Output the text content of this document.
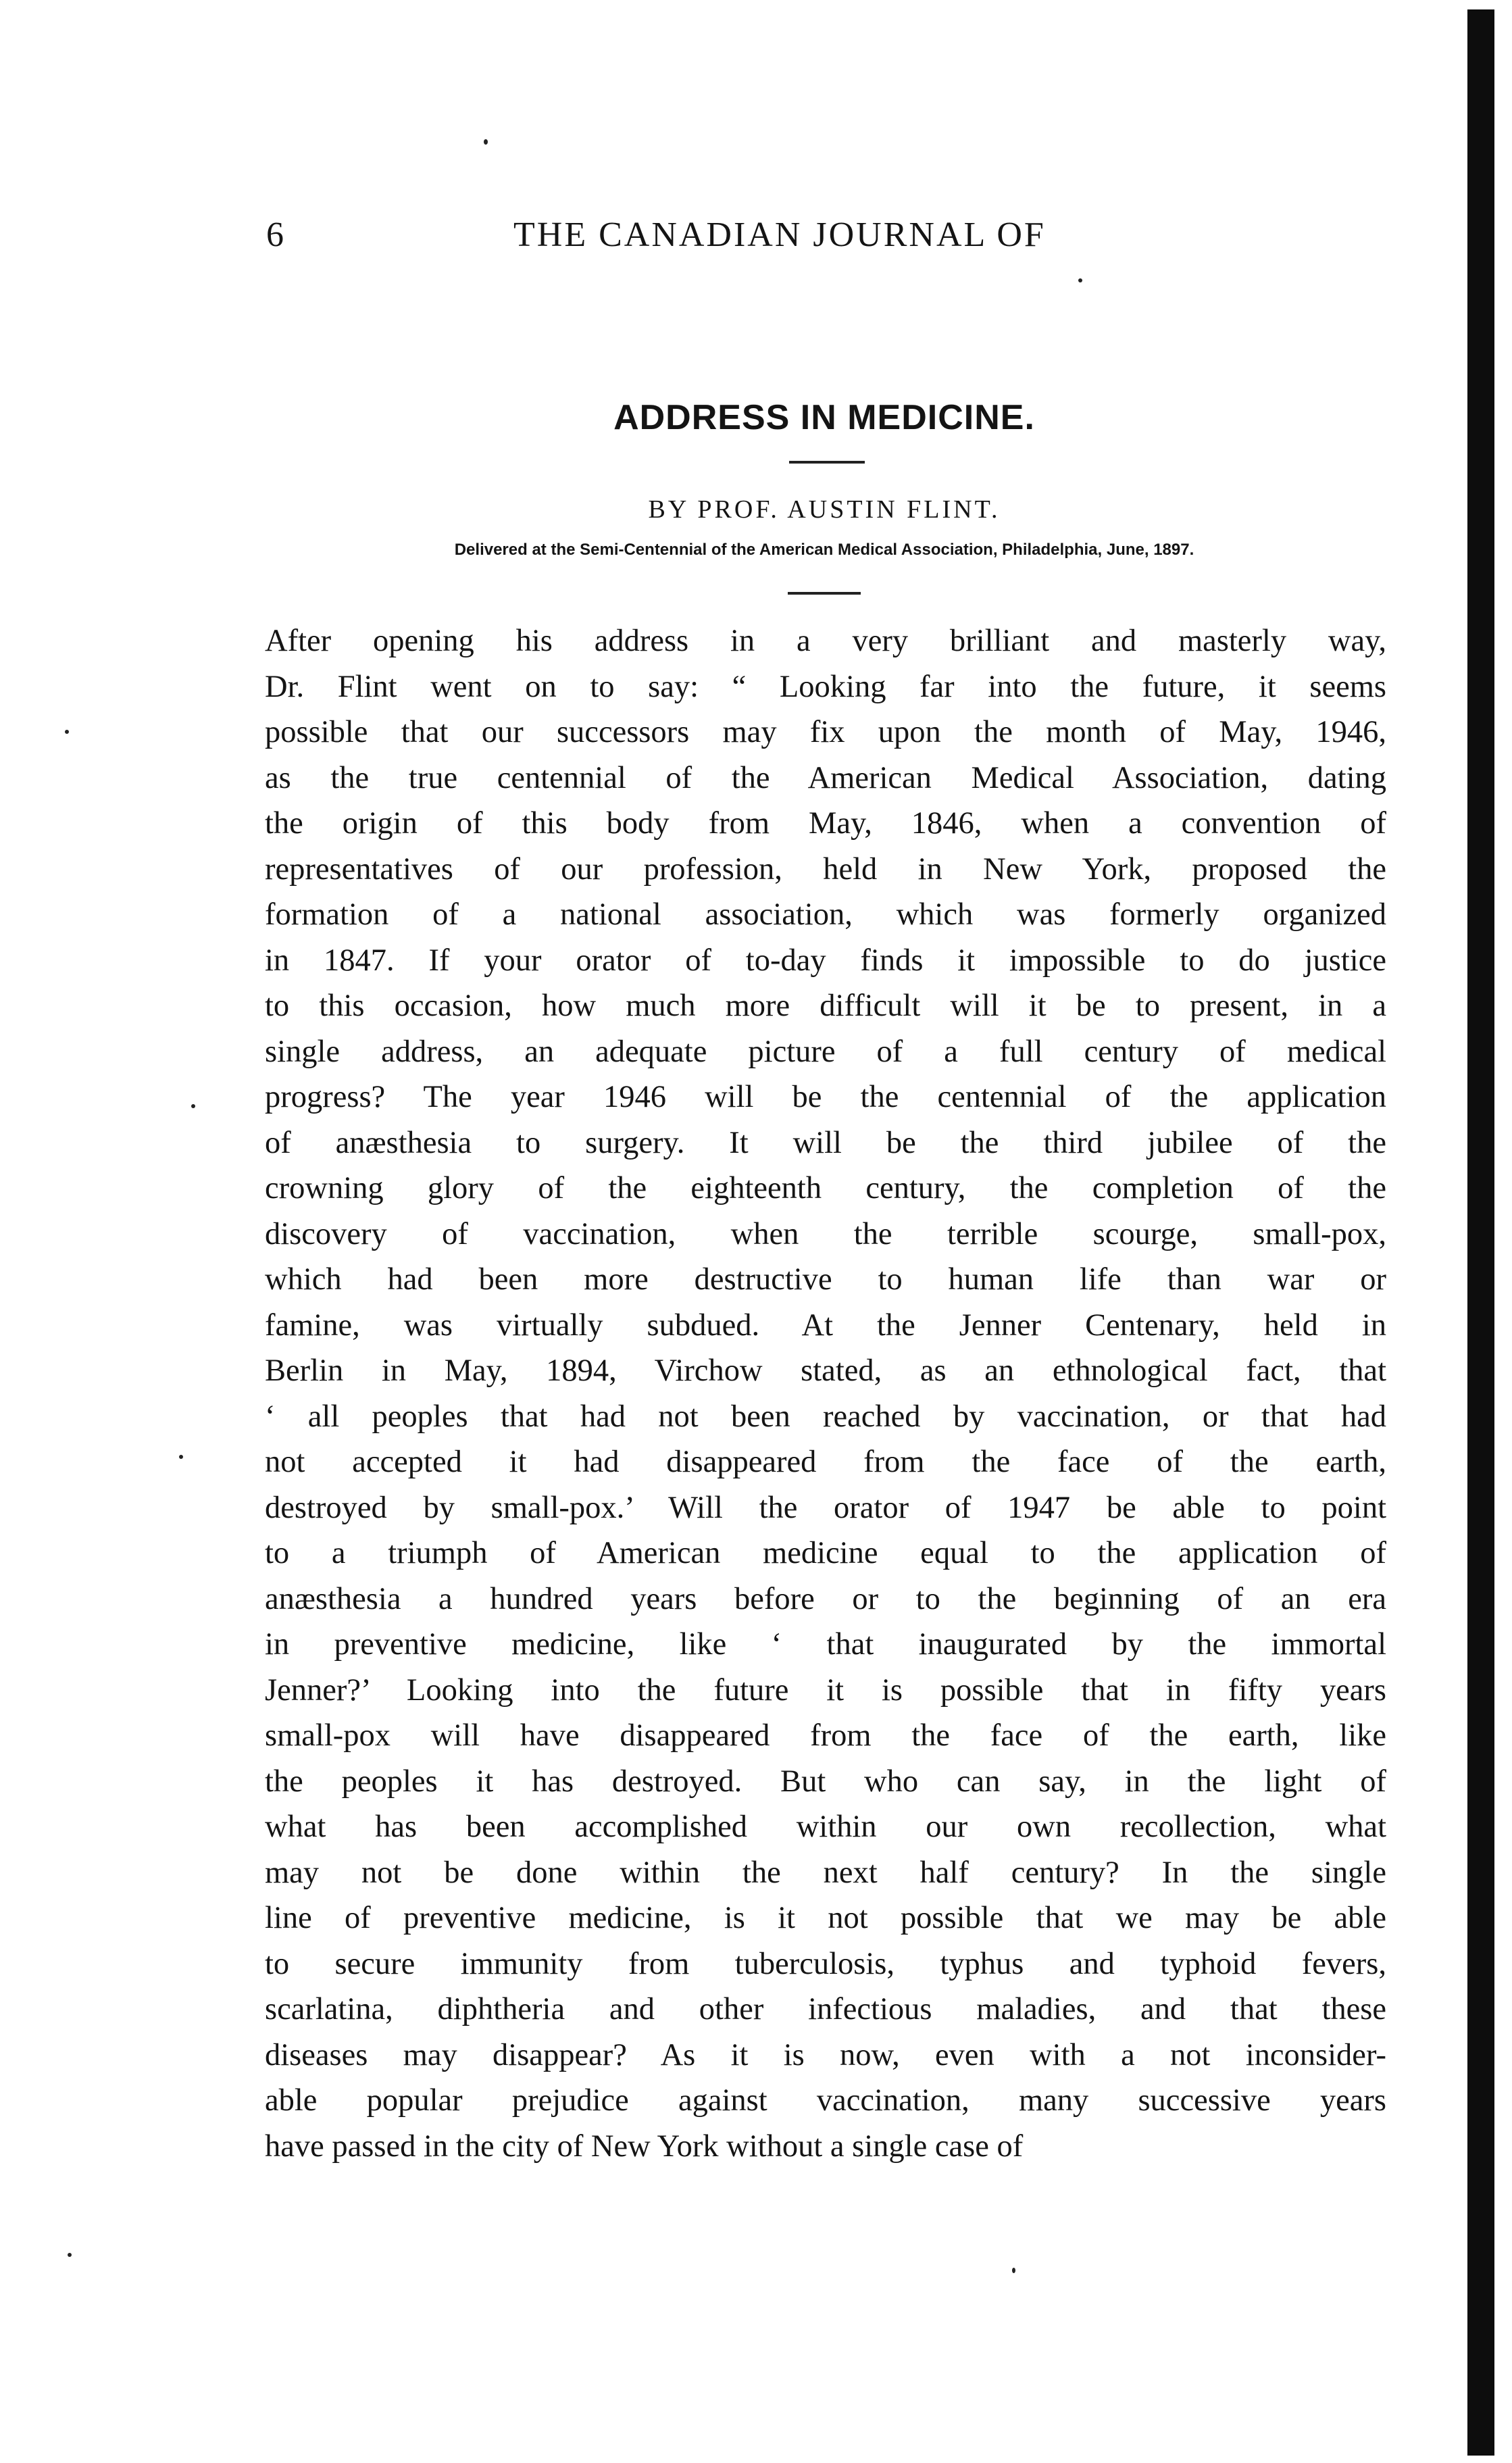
6	THE CANADIAN JOURNAL OF
ADDRESS IN MEDICINE.
BY PROF. AUSTIN FLINT.
Delivered at the Semi-Centennial of the American Medical Association, Philadelphia, June, 1897.
After opening his address in a very brilliant and masterly way,
Dr. Flint went on to say: “ Looking far into the future, it seems
possible that our successors may fix upon the month of May, 1946,
as the true centennial of the American Medical Association, dating
the origin of this body from May, 1846, when a convention of
representatives of our profession, held in New York, proposed the
formation of a national association, which was formerly organized
in 1847. If your orator of to-day finds it impossible to do justice
to this occasion, how much more difficult will it be to present, in a
single address, an adequate picture of a full century of medical
progress? The year 1946 will be the centennial of the application
of anæsthesia to surgery. It will be the third jubilee of the
crowning glory of the eighteenth century, the completion of the
discovery of vaccination, when the terrible scourge, small-pox,
which had been more destructive to human life than war or
famine, was virtually subdued. At the Jenner Centenary, held in
Berlin in May, 1894, Virchow stated, as an ethnological fact, that
‘ all peoples that had not been reached by vaccination, or that had
not accepted it had disappeared from the face of the earth,
destroyed by small-pox.’ Will the orator of 1947 be able to point
to a triumph of American medicine equal to the application of
anæsthesia a hundred years before or to the beginning of an era
in preventive medicine, like ‘ that inaugurated by the immortal
Jenner?’ Looking into the future it is possible that in fifty years
small-pox will have disappeared from the face of the earth, like
the peoples it has destroyed. But who can say, in the light of
what has been accomplished within our own recollection, what
may not be done within the next half century? In the single
line of preventive medicine, is it not possible that we may be able
to secure immunity from tuberculosis, typhus and typhoid fevers,
scarlatina, diphtheria and other infectious maladies, and that these
diseases may disappear? As it is now, even with a not inconsider-
able popular prejudice against vaccination, many successive years
have passed in the city of New York without a single case of
